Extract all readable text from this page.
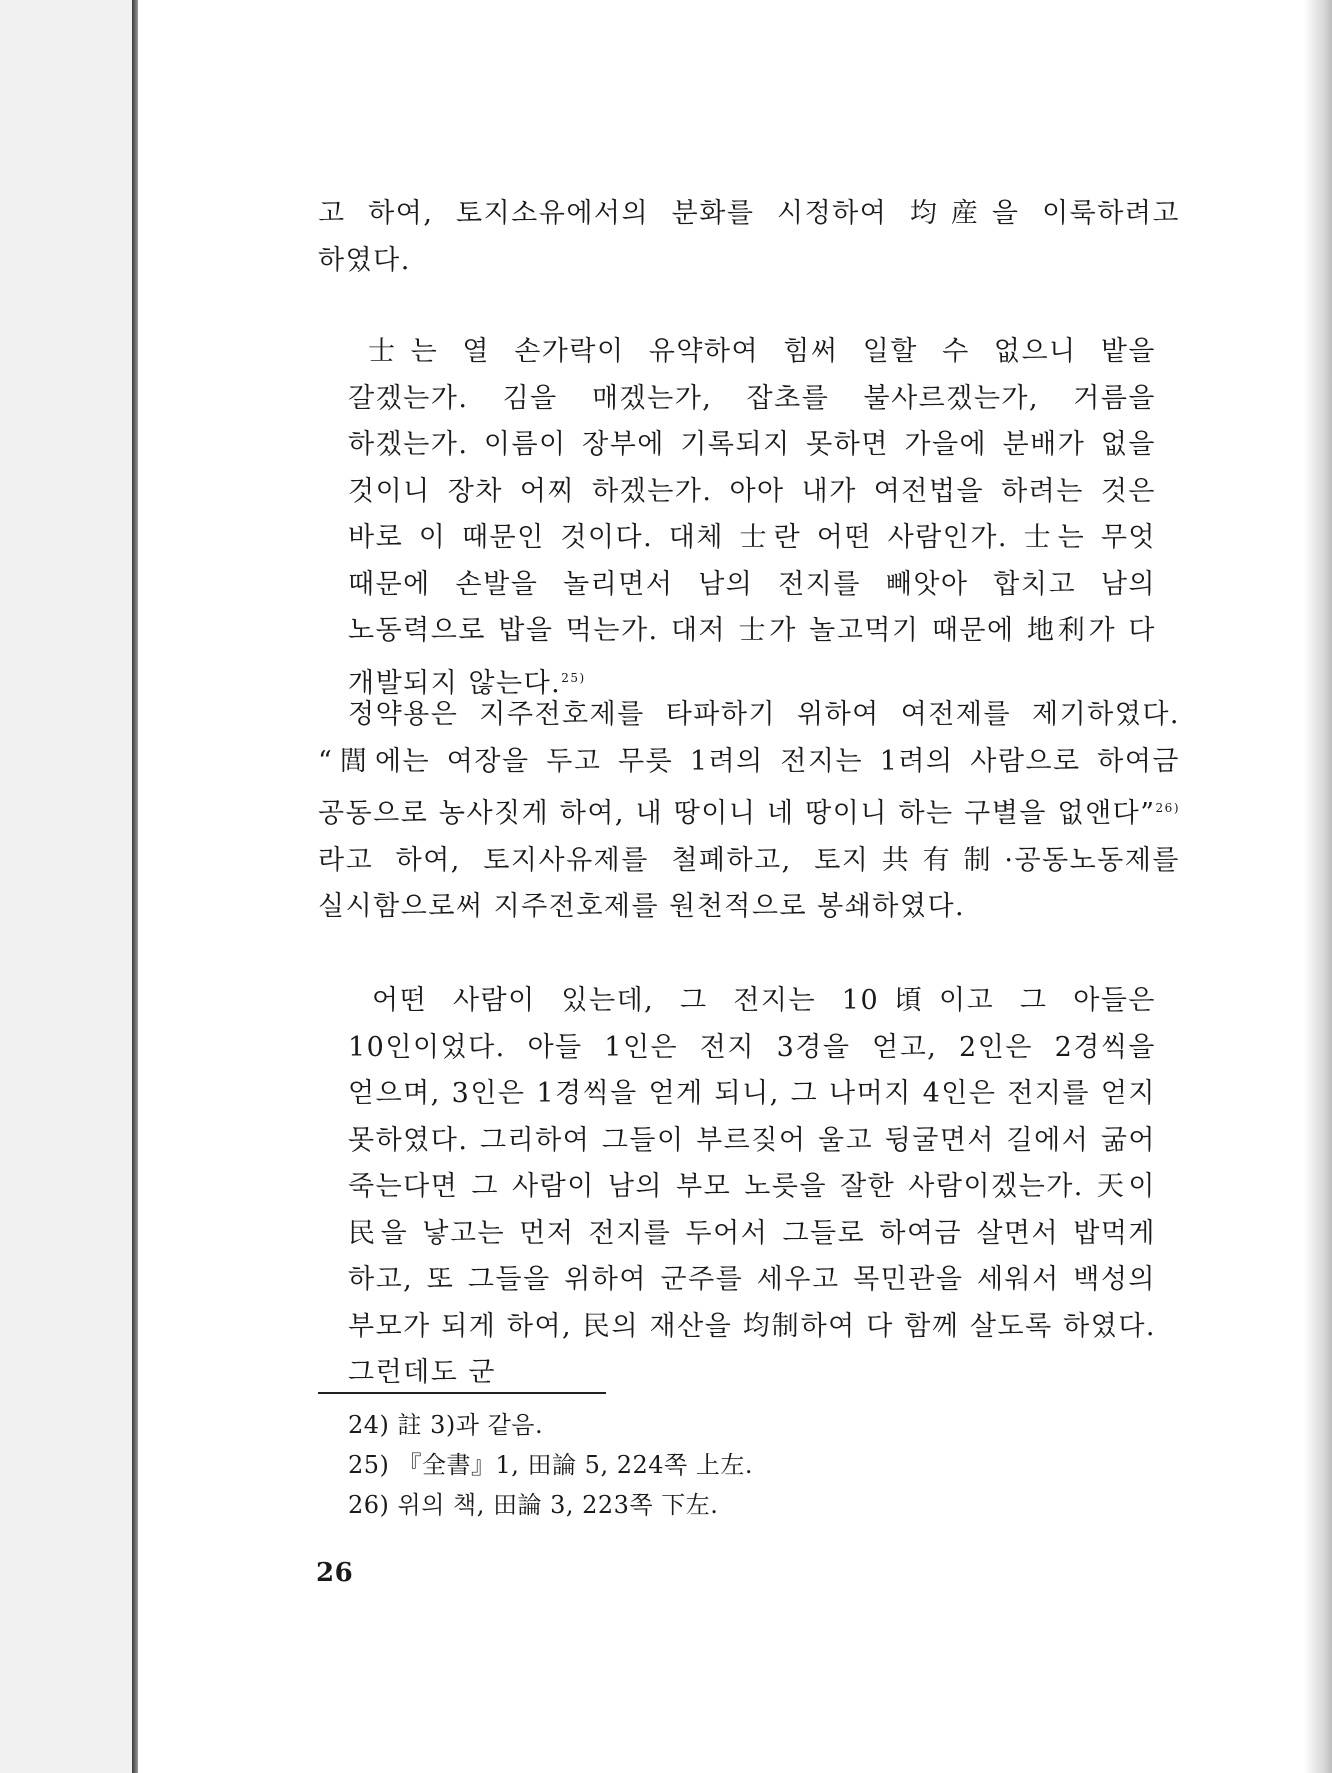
고 하여, 토지소유에서의 분화를 시정하여 均産을 이룩하려고 하였다.

士는 열 손가락이 유약하여 힘써 일할 수 없으니 밭을 갈겠는가. 김을 매겠는가, 잡초를 불사르겠는가, 거름을 하겠는가. 이름이 장부에 기록되지 못하면 가을에 분배가 없을 것이니 장차 어찌 하겠는가. 아아 내가 여전법을 하려는 것은 바로 이 때문인 것이다. 대체 士란 어떤 사람인가. 士는 무엇 때문에 손발을 놀리면서 남의 전지를 빼앗아 합치고 남의 노동력으로 밥을 먹는가. 대저 士가 놀고먹기 때문에 地利가 다 개발되지 않는다.$^{25)}$

정약용은 지주전호제를 타파하기 위하여 여전제를 제기하였다. “閭에는 여장을 두고 무릇 1려의 전지는 1려의 사람으로 하여금 공동으로 농사짓게 하여, 내 땅이니 네 땅이니 하는 구별을 없앤다”$^{26)}$라고 하여, 토지사유제를 철폐하고, 토지共有制·공동노동제를 실시함으로써 지주전호제를 원천적으로 봉쇄하였다.

어떤 사람이 있는데, 그 전지는 10頃이고 그 아들은 10인이었다. 아들 1인은 전지 3경을 얻고, 2인은 2경씩을 얻으며, 3인은 1경씩을 얻게 되니, 그 나머지 4인은 전지를 얻지 못하였다. 그리하여 그들이 부르짖어 울고 뒹굴면서 길에서 굶어 죽는다면 그 사람이 남의 부모 노릇을 잘한 사람이겠는가. 天이 民을 낳고는 먼저 전지를 두어서 그들로 하여금 살면서 밥먹게 하고, 또 그들을 위하여 군주를 세우고 목민관을 세워서 백성의 부모가 되게 하여, 民의 재산을 均制하여 다 함께 살도록 하였다. 그런데도 군

24) 註 3)과 같음.

25) 『全書』1, 田論 5, 224쪽 上左.

26) 위의 책, 田論 3, 223쪽 下左.

26
